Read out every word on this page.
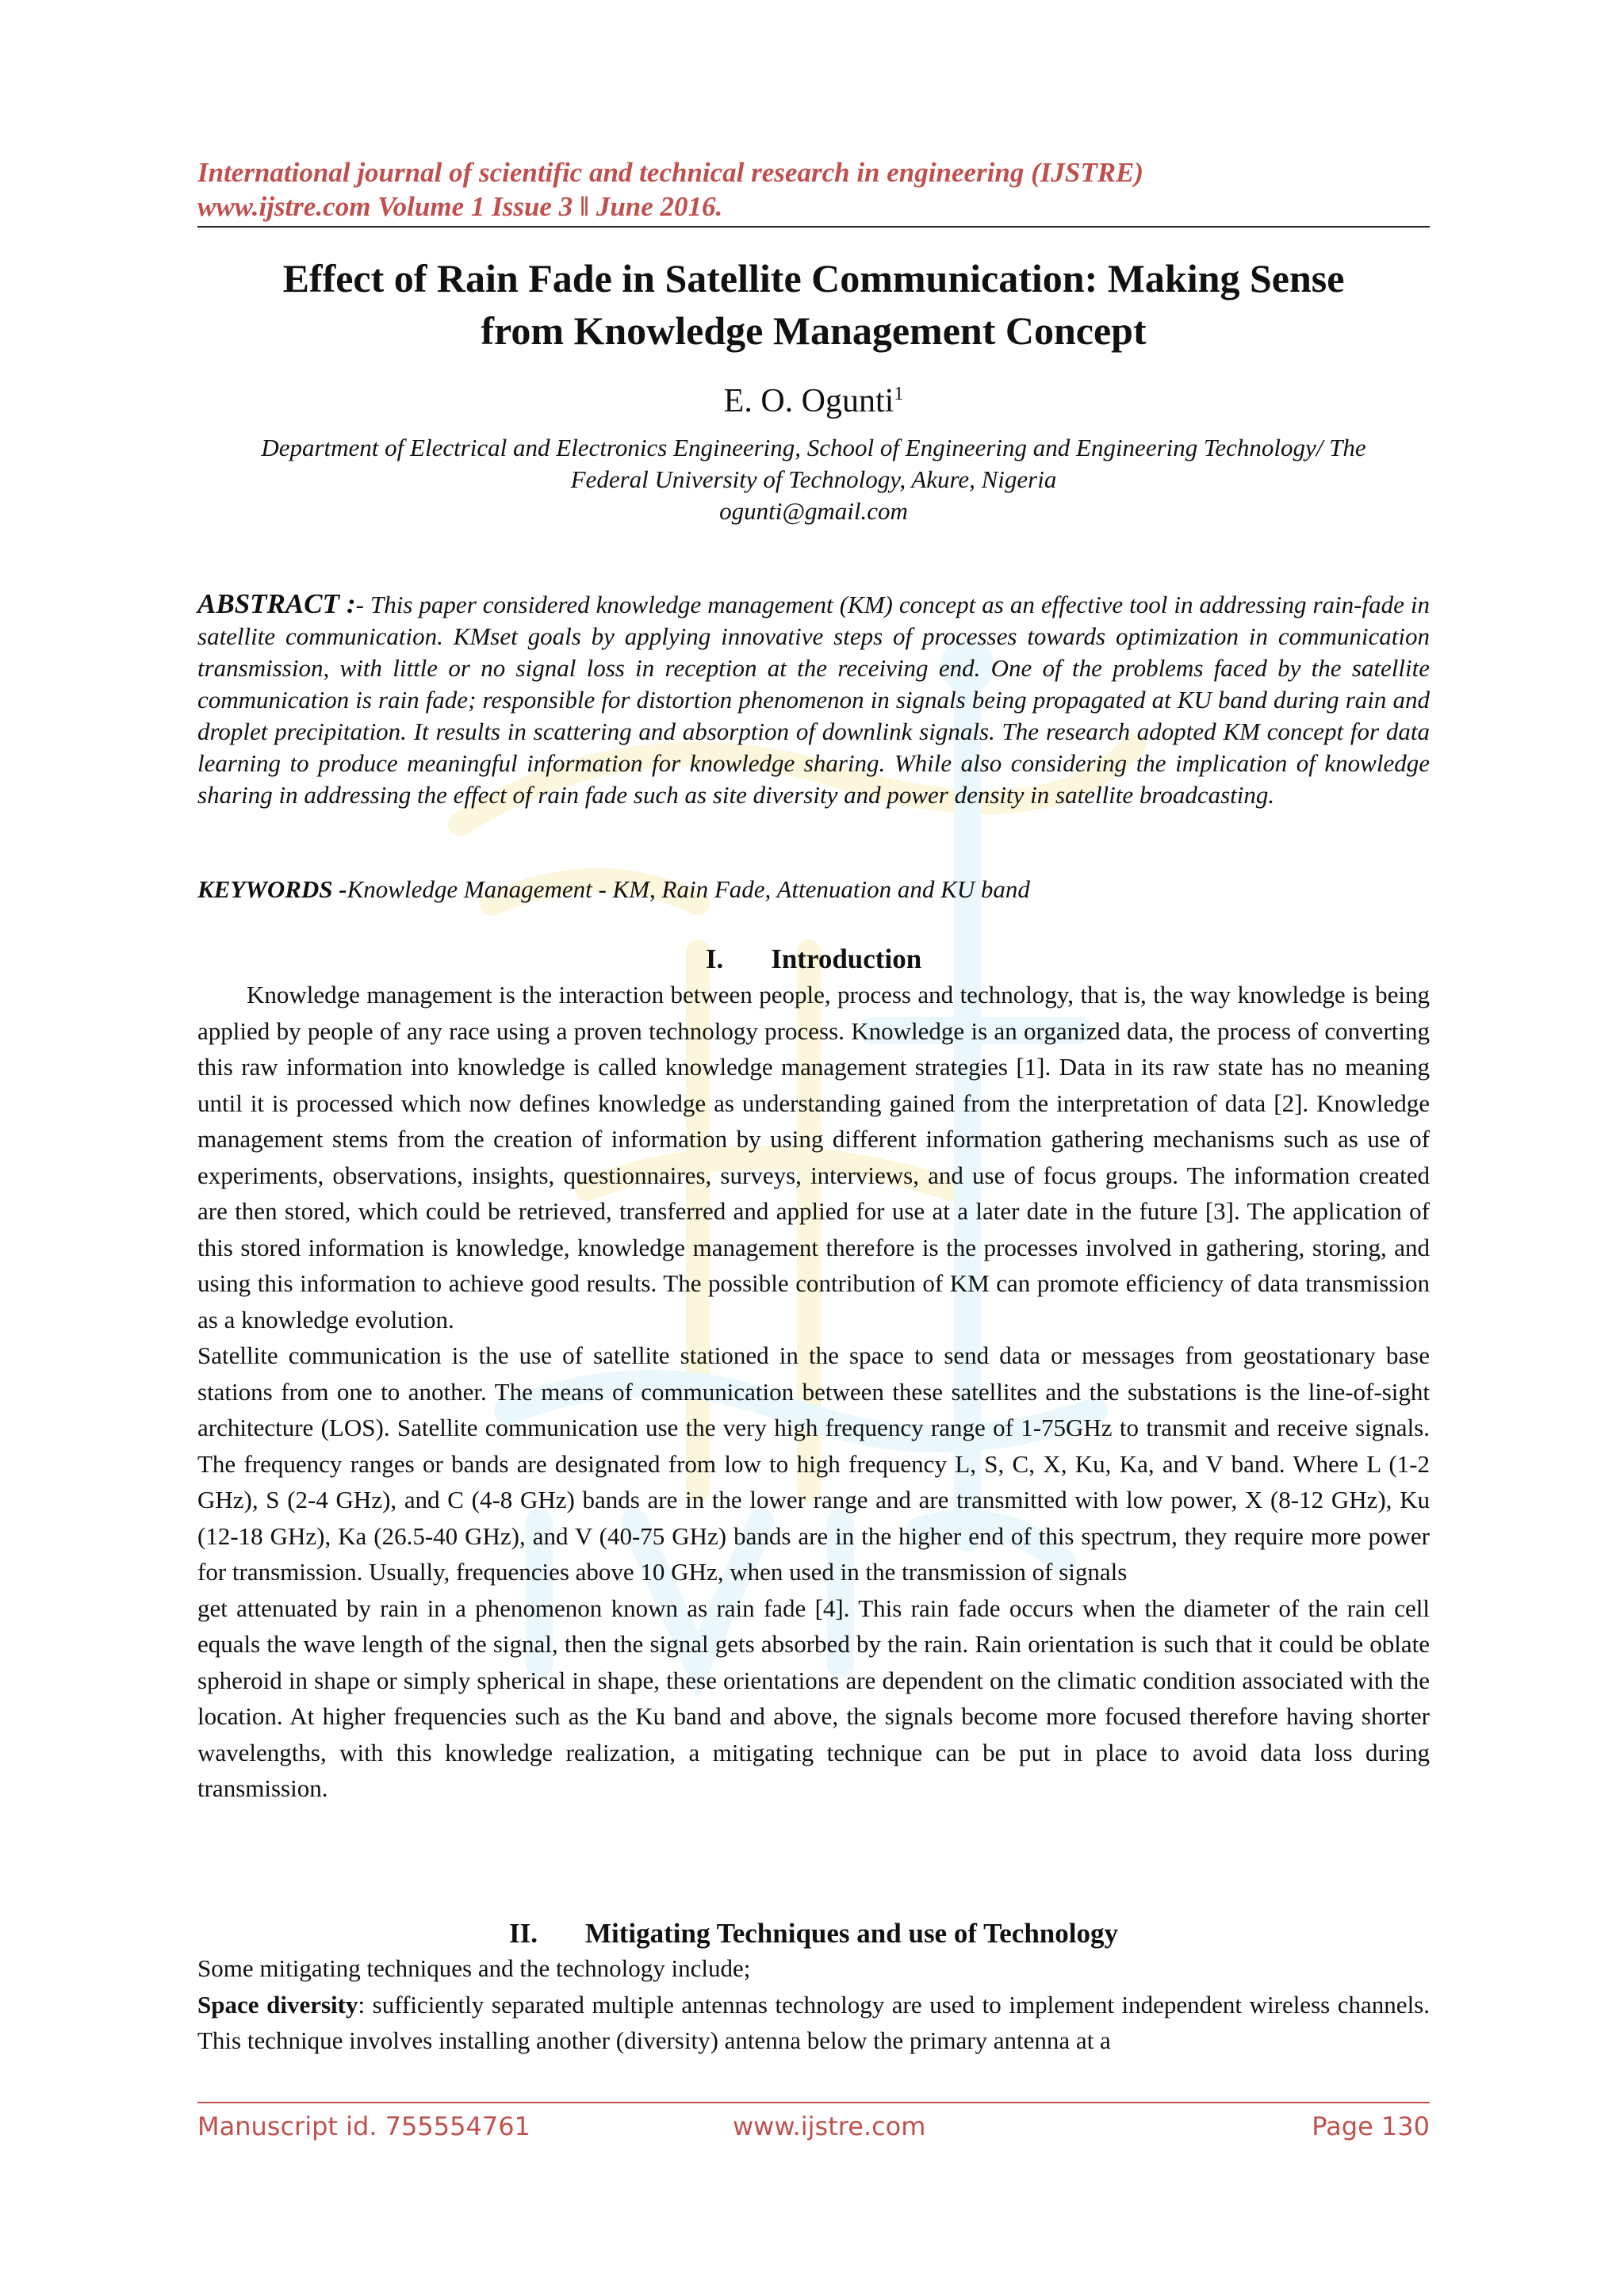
International journal of scientific and technical research in engineering (IJSTRE)
www.ijstre.com Volume 1 Issue 3 ‖ June 2016.
Effect of Rain Fade in Satellite Communication: Making Sense
from Knowledge Management Concept
E. O. Ogunti$^1$
Department of Electrical and Electronics Engineering, School of Engineering and Engineering Technology/ The
Federal University of Technology, Akure, Nigeria
ogunti@gmail.com
ABSTRACT :- This paper considered knowledge management (KM) concept as an effective tool in addressing rain-fade in satellite communication. KMset goals by applying innovative steps of processes towards optimization in communication transmission, with little or no signal loss in reception at the receiving end. One of the problems faced by the satellite communication is rain fade; responsible for distortion phenomenon in signals being propagated at KU band during rain and droplet precipitation. It results in scattering and absorption of downlink signals. The research adopted KM concept for data learning to produce meaningful information for knowledge sharing. While also considering the implication of knowledge sharing in addressing the effect of rain fade such as site diversity and power density in satellite broadcasting.
KEYWORDS -Knowledge Management - KM, Rain Fade, Attenuation and KU band
I. Introduction

Knowledge management is the interaction between people, process and technology, that is, the way knowledge is being applied by people of any race using a proven technology process. Knowledge is an organized data, the process of converting this raw information into knowledge is called knowledge management strategies [1]. Data in its raw state has no meaning until it is processed which now defines knowledge as understanding gained from the interpretation of data [2]. Knowledge management stems from the creation of information by using different information gathering mechanisms such as use of experiments, observations, insights, questionnaires, surveys, interviews, and use of focus groups. The information created are then stored, which could be retrieved, transferred and applied for use at a later date in the future [3]. The application of this stored information is knowledge, knowledge management therefore is the processes involved in gathering, storing, and using this information to achieve good results. The possible contribution of KM can promote efficiency of data transmission as a knowledge evolution.

Satellite communication is the use of satellite stationed in the space to send data or messages from geostationary base stations from one to another. The means of communication between these satellites and the substations is the line-of-sight architecture (LOS). Satellite communication use the very high frequency range of 1-75GHz to transmit and receive signals. The frequency ranges or bands are designated from low to high frequency L, S, C, X, Ku, Ka, and V band. Where L (1-2 GHz), S (2-4 GHz), and C (4-8 GHz) bands are in the lower range and are transmitted with low power, X (8-12 GHz), Ku (12-18 GHz), Ka (26.5-40 GHz), and V (40-75 GHz) bands are in the higher end of this spectrum, they require more power for transmission. Usually, frequencies above 10 GHz, when used in the transmission of signals

get attenuated by rain in a phenomenon known as rain fade [4]. This rain fade occurs when the diameter of the rain cell equals the wave length of the signal, then the signal gets absorbed by the rain. Rain orientation is such that it could be oblate spheroid in shape or simply spherical in shape, these orientations are dependent on the climatic condition associated with the location. At higher frequencies such as the Ku band and above, the signals become more focused therefore having shorter wavelengths, with this knowledge realization, a mitigating technique can be put in place to avoid data loss during transmission.

II. Mitigating Techniques and use of Technology

Some mitigating techniques and the technology include;

Space diversity: sufficiently separated multiple antennas technology are used to implement independent wireless channels. This technique involves installing another (diversity) antenna below the primary antenna at a

Manuscript id. 755554761	www.ijstre.com	Page 130
